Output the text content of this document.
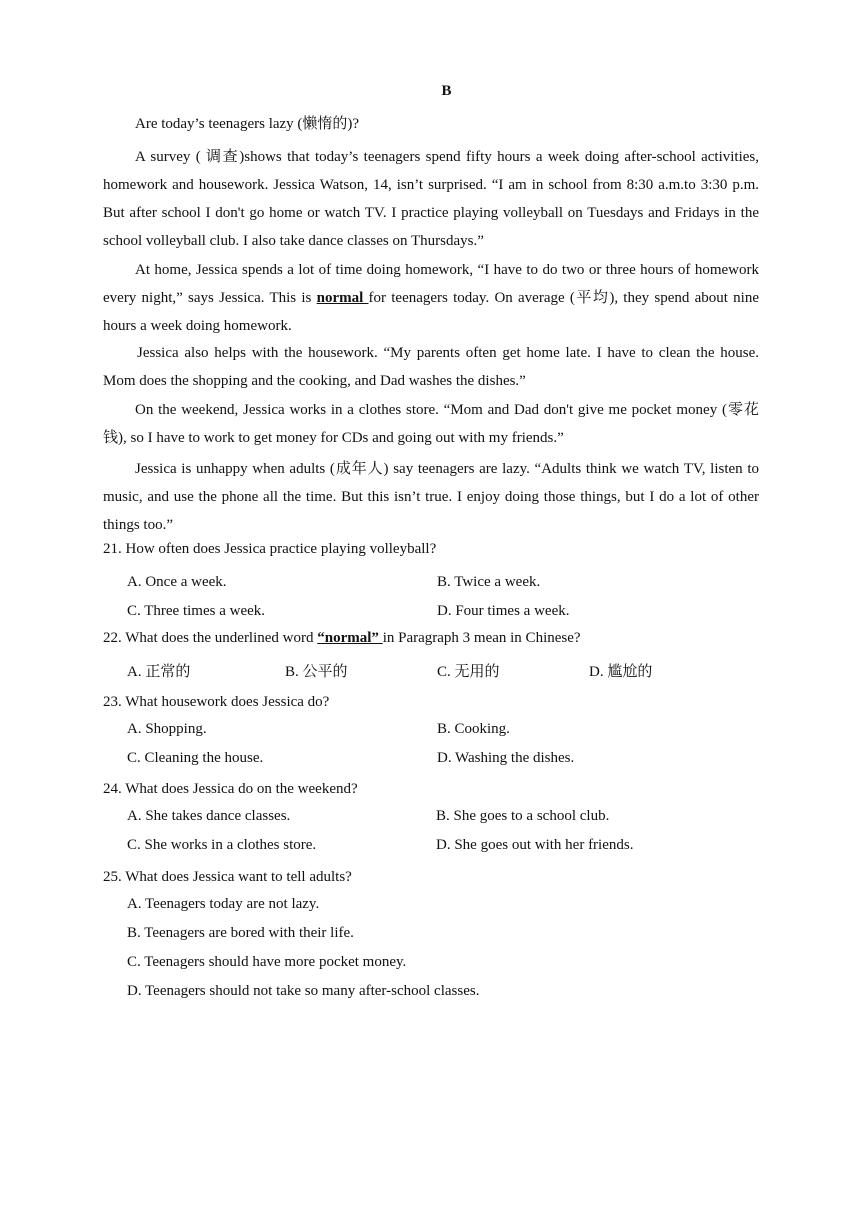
B

Are today’s teenagers lazy (懒惰的)?

A survey ( 调查)shows that today’s teenagers spend fifty hours a week doing after-school activities, homework and housework. Jessica Watson, 14, isn’t surprised. “I am in school from 8:30 a.m.to 3:30 p.m. But after school I don't go home or watch TV. I practice playing volleyball on Tuesdays and Fridays in the school volleyball club. I also take dance classes on Thursdays.”

At home, Jessica spends a lot of time doing homework, “I have to do two or three hours of homework every night,” says Jessica. This is normal for teenagers today. On average (平均), they spend about nine hours a week doing homework.

Jessica also helps with the housework. “My parents often get home late. I have to clean the house. Mom does the shopping and the cooking, and Dad washes the dishes.”

On the weekend, Jessica works in a clothes store. “Mom and Dad don't give me pocket money (零花钱), so I have to work to get money for CDs and going out with my friends.”

Jessica is unhappy when adults (成年人) say teenagers are lazy. “Adults think we watch TV, listen to music, and use the phone all the time. But this isn’t true. I enjoy doing those things, but I do a lot of other things too.”

21. How often does Jessica practice playing volleyball?

A. Once a week.	B. Twice a week.

C. Three times a week.	D. Four times a week.

22. What does the underlined word “normal” in Paragraph 3 mean in Chinese?

A. 正常的	B. 公平的	C. 无用的	D. 尴尬的

23. What housework does Jessica do?

A. Shopping.	B. Cooking.

C. Cleaning the house.	D. Washing the dishes.

24. What does Jessica do on the weekend?

A. She takes dance classes.	B. She goes to a school club.

C. She works in a clothes store.	D. She goes out with her friends.

25. What does Jessica want to tell adults?

A. Teenagers today are not lazy.

B. Teenagers are bored with their life.

C. Teenagers should have more pocket money.

D. Teenagers should not take so many after-school classes.
